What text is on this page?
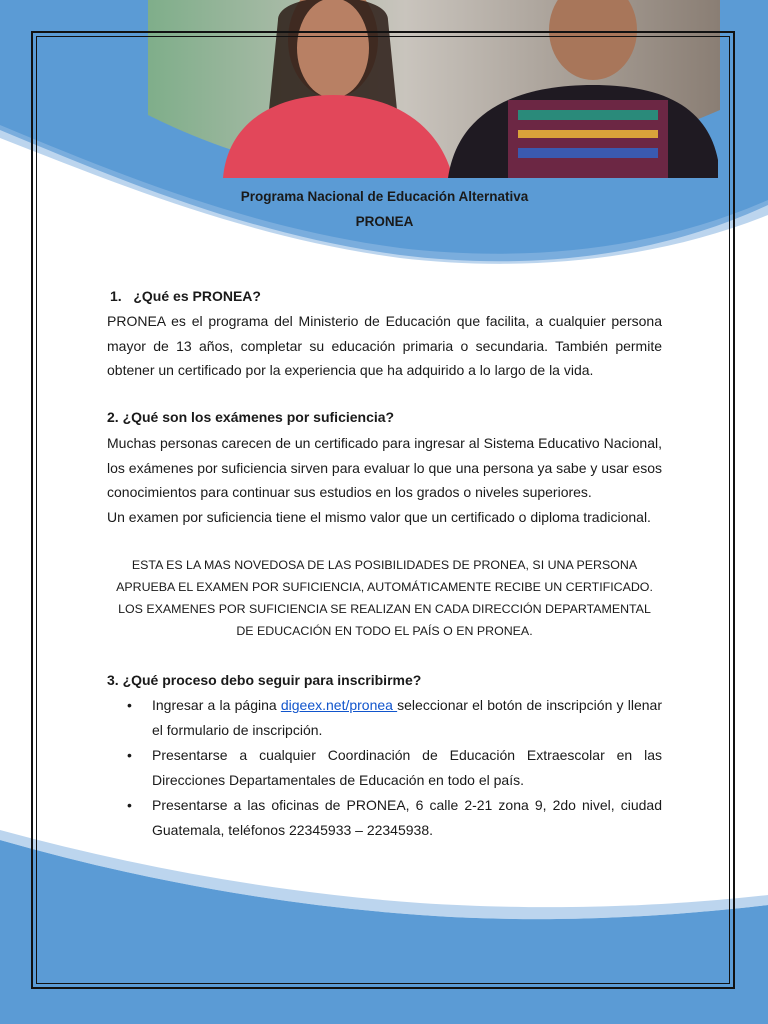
Programa Nacional de Educación Alternativa
PRONEA
1. ¿Qué es PRONEA?
PRONEA es el programa del Ministerio de Educación que facilita, a cualquier persona mayor de 13 años, completar su educación primaria o secundaria. También permite obtener un certificado por la experiencia que ha adquirido a lo largo de la vida.
2. ¿Qué son los exámenes por suficiencia?
Muchas personas carecen de un certificado para ingresar al Sistema Educativo Nacional, los exámenes por suficiencia sirven para evaluar lo que una persona ya sabe y usar esos conocimientos para continuar sus estudios en los grados o niveles superiores.
Un examen por suficiencia tiene el mismo valor que un certificado o diploma tradicional.
ESTA ES LA MAS NOVEDOSA DE LAS POSIBILIDADES DE PRONEA, SI UNA PERSONA
APRUEBA EL EXAMEN POR SUFICIENCIA, AUTOMÁTICAMENTE RECIBE UN CERTIFICADO.
LOS EXAMENES POR SUFICIENCIA SE REALIZAN EN CADA DIRECCIÓN DEPARTAMENTAL
DE EDUCACIÓN EN TODO EL PAÍS O EN PRONEA.
3. ¿Qué proceso debo seguir para inscribirme?
• Ingresar a la página digeex.net/pronea seleccionar el botón de inscripción y llenar el formulario de inscripción.
• Presentarse a cualquier Coordinación de Educación Extraescolar en las Direcciones Departamentales de Educación en todo el país.
• Presentarse a las oficinas de PRONEA, 6 calle 2-21 zona 9, 2do nivel, ciudad Guatemala, teléfonos 22345933 – 22345938.
